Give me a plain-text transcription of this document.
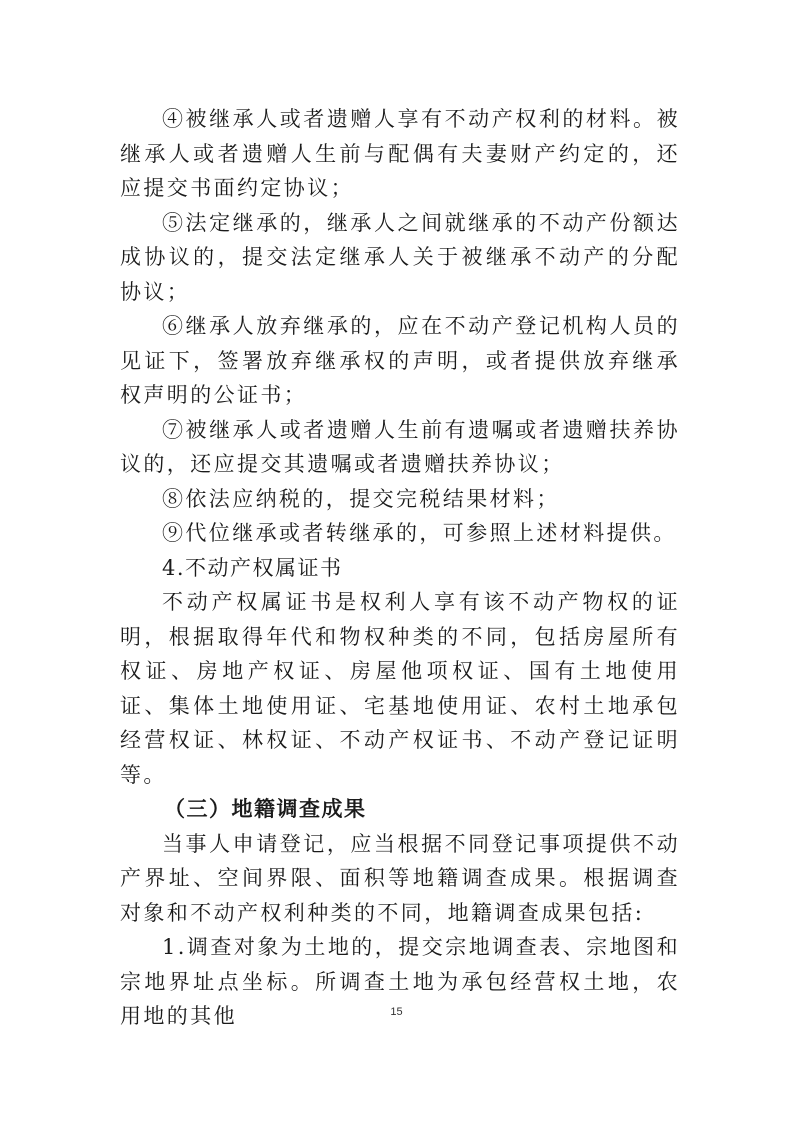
④被继承人或者遗赠人享有不动产权利的材料。被继承人或者遗赠人生前与配偶有夫妻财产约定的，还应提交书面约定协议；

⑤法定继承的，继承人之间就继承的不动产份额达成协议的，提交法定继承人关于被继承不动产的分配协议；

⑥继承人放弃继承的，应在不动产登记机构人员的见证下，签署放弃继承权的声明，或者提供放弃继承权声明的公证书；

⑦被继承人或者遗赠人生前有遗嘱或者遗赠扶养协议的，还应提交其遗嘱或者遗赠扶养协议；

⑧依法应纳税的，提交完税结果材料；

⑨代位继承或者转继承的，可参照上述材料提供。

4.不动产权属证书

不动产权属证书是权利人享有该不动产物权的证明，根据取得年代和物权种类的不同，包括房屋所有权证、房地产权证、房屋他项权证、国有土地使用证、集体土地使用证、宅基地使用证、农村土地承包经营权证、林权证、不动产权证书、不动产登记证明等。

（三）地籍调查成果

当事人申请登记，应当根据不同登记事项提供不动产界址、空间界限、面积等地籍调查成果。根据调查对象和不动产权利种类的不同，地籍调查成果包括:

1.调查对象为土地的，提交宗地调查表、宗地图和宗地界址点坐标。所调查土地为承包经营权土地，农用地的其他	15
